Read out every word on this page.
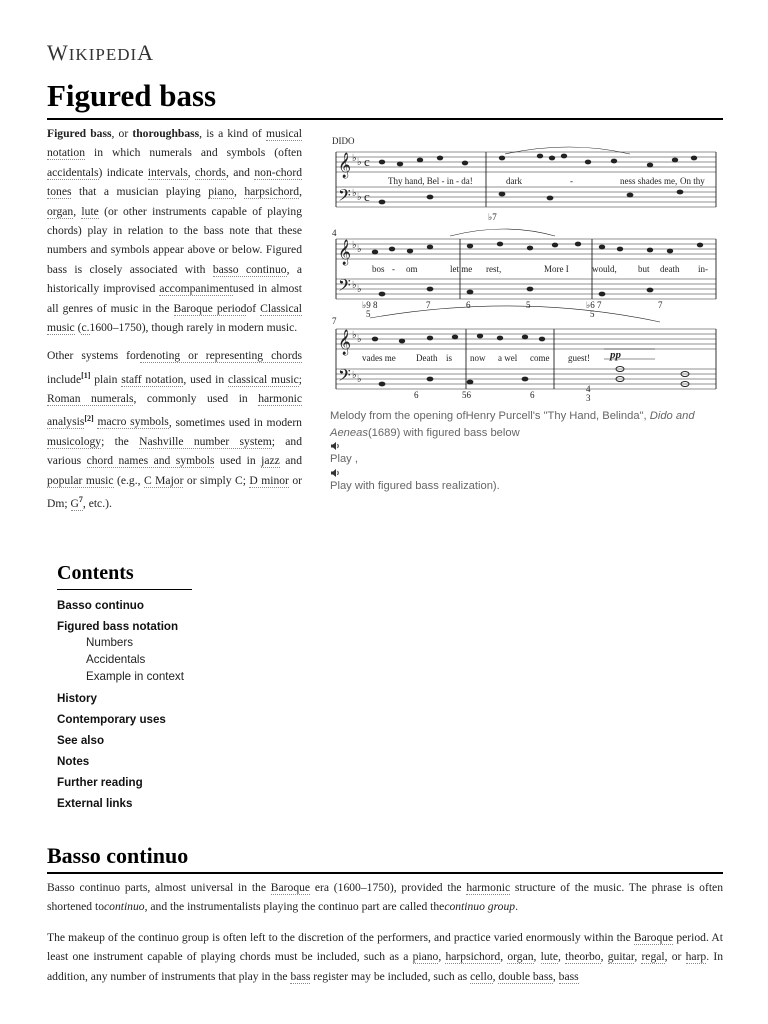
WIKIPEDIA
Figured bass

Figured bass, or thoroughbass, is a kind of musical notation in which numerals and symbols (often accidentals) indicate intervals, chords, and non-chord tones that a musician playing piano, harpsichord, organ, lute (or other instruments capable of playing chords) play in relation to the bass note that these numbers and symbols appear above or below. Figured bass is closely associated with basso continuo, a historically improvised accompanimentused in almost all genres of music in the Baroque periodof Classical music (c.1600–1750), though rarely in modern music.

Other systems fordenoting or representing chords include[1] plain staff notation, used in classical music; Roman numerals, commonly used in harmonic analysis[2] macro symbols, sometimes used in modern musicology; the Nashville number system; and various chord names and symbols used in jazz and popular music (e.g., C Major or simply C; D minor or Dm; $G^7$, etc.).

𝄞
𝄢
𝄞
𝄢
𝄞
𝄢
♭ ♭ c
♭ ♭ c
♭ ♭
♭ ♭
♭ ♭
♭ ♭
DIDO
4
7
Thy hand, Bel - in - da!	dark	-	ness shades me, On thy
bos - om	let me rest,	More I	would, but death in-
vades me Death is now a wel come guest!
♭7
♭9 8
5
7	6	5	♭6 7
5
7
6	56	6
4
3
pp
Melody from the opening ofHenry Purcell's "Thy Hand, Belinda", Dido and Aeneas(1689) with figured bass below
Play ,
Play with figured bass realization).
Contents
Basso continuo
Figured bass notation
Numbers
Accidentals
Example in context
History
Contemporary uses
See also
Notes
Further reading
External links
Basso continuo

Basso continuo parts, almost universal in the Baroque era (1600–1750), provided the harmonic structure of the music. The phrase is often shortened tocontinuo, and the instrumentalists playing the continuo part are called thecontinuo group.

The makeup of the continuo group is often left to the discretion of the performers, and practice varied enormously within the Baroque period. At least one instrument capable of playing chords must be included, such as a piano, harpsichord, organ, lute, theorbo, guitar, regal, or harp. In addition, any number of instruments that play in the bass register may be included, such as cello, double bass, bass
